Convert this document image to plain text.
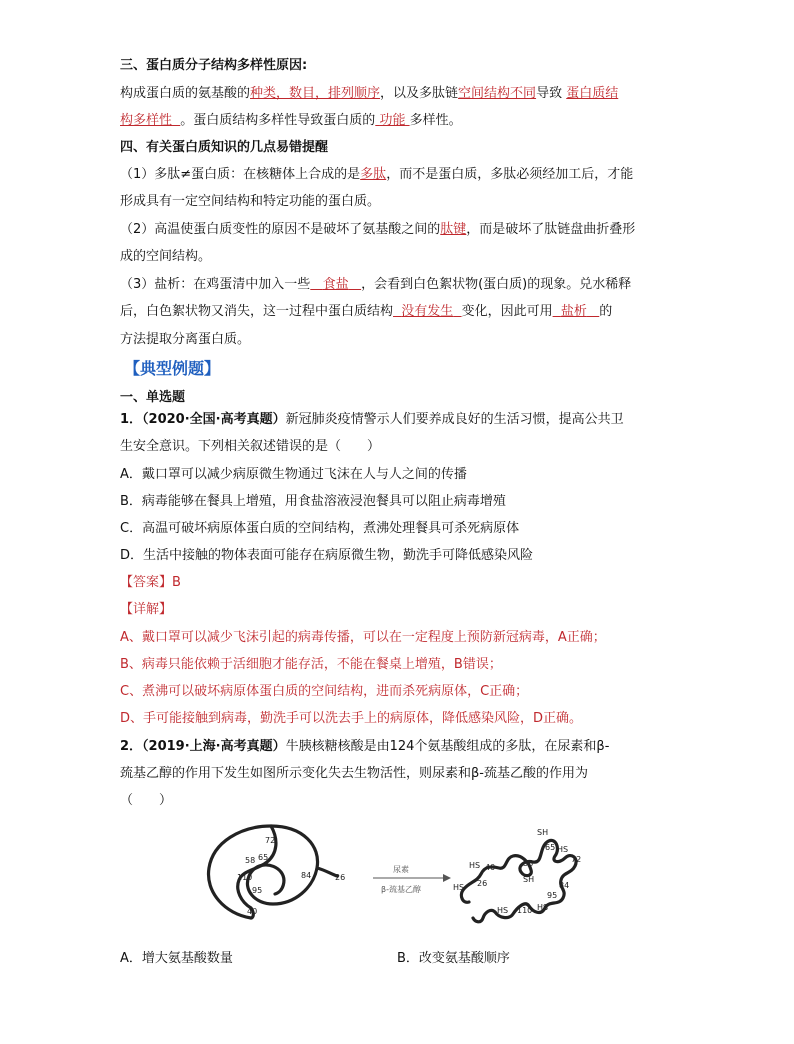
三、蛋白质分子结构多样性原因:
构成蛋白质的氨基酸的种类，数目，排列顺序，以及多肽链空间结构不同导致 蛋白质结
构多样性 。蛋白质结构多样性导致蛋白质的 功能 多样性。
四、有关蛋白质知识的几点易错提醒
（1）多肽≠蛋白质：在核糖体上合成的是多肽，而不是蛋白质，多肽必须经加工后，才能
形成具有一定空间结构和特定功能的蛋白质。
（2）高温使蛋白质变性的原因不是破坏了氨基酸之间的肽键，而是破坏了肽链盘曲折叠形
成的空间结构。
（3）盐析：在鸡蛋清中加入一些 食盐 ，会看到白色絮状物(蛋白质)的现象。兑水稀释
后，白色絮状物又消失，这一过程中蛋白质结构 没有发生 变化，因此可用 盐析 的
方法提取分离蛋白质。
【典型例题】
一、单选题
1．（2020·全国·高考真题）新冠肺炎疫情警示人们要养成良好的生活习惯，提高公共卫
生安全意识。下列相关叙述错误的是（　　）
A．戴口罩可以减少病原微生物通过飞沫在人与人之间的传播
B．病毒能够在餐具上增殖，用食盐溶液浸泡餐具可以阻止病毒增殖
C．高温可破坏病原体蛋白质的空间结构，煮沸处理餐具可杀死病原体
D．生活中接触的物体表面可能存在病原微生物，勤洗手可降低感染风险
【答案】B
【详解】
A、戴口罩可以减少飞沫引起的病毒传播，可以在一定程度上预防新冠病毒，A正确；
B、病毒只能依赖于活细胞才能存活，不能在餐桌上增殖，B错误；
C、煮沸可以破坏病原体蛋白质的空间结构，进而杀死病原体，C正确；
D、手可能接触到病毒，勤洗手可以洗去手上的病原体，降低感染风险，D正确。
2．（2019·上海·高考真题）牛胰核糖核酸是由124个氨基酸组成的多肽，在尿素和β-
巯基乙醇的作用下发生如图所示变化失去生物活性，则尿素和β-巯基乙酸的作用为
（　　）
72
65
58
110	84	26
95
40
尿素
β-巯基乙醇
SH
65 HS
72
HS 40	58
SH
HS 26	84
95
HS
110
HS
A．增大氨基酸数量	B．改变氨基酸顺序
